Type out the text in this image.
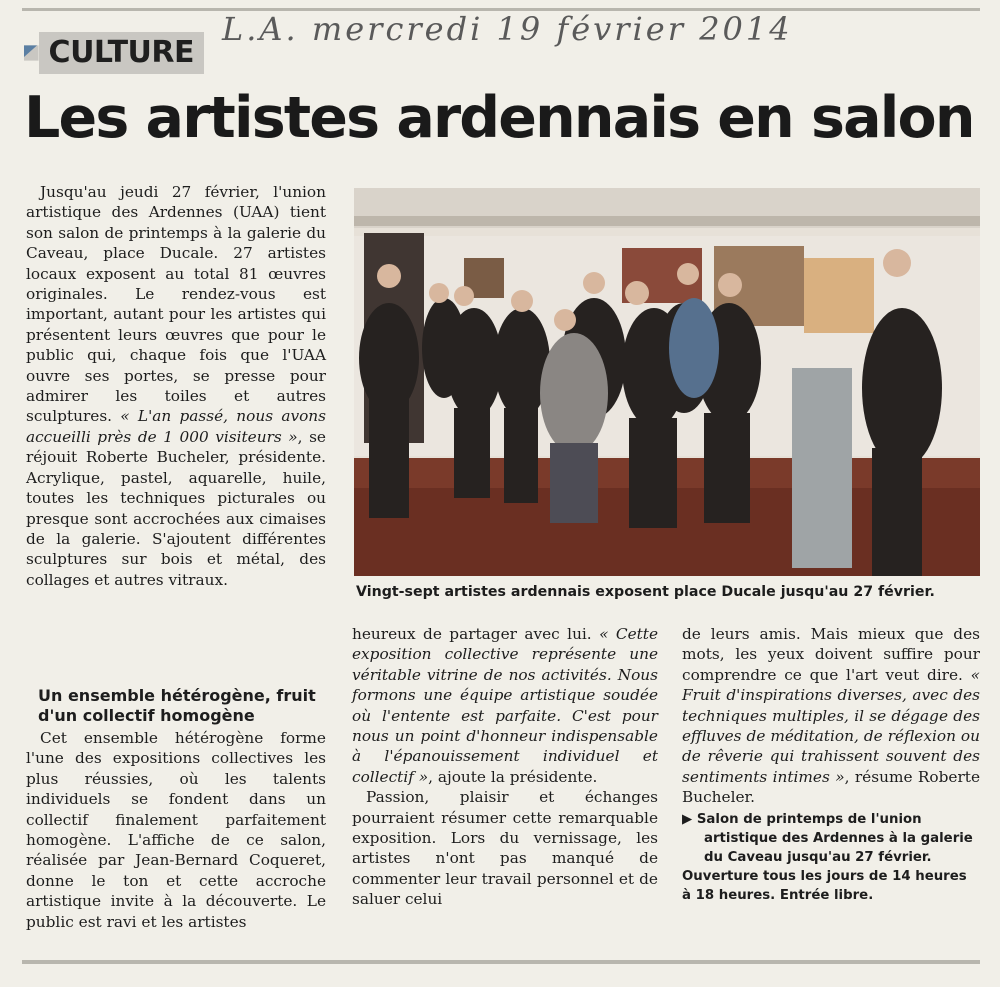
CULTURE
L.A. mercredi 19 février 2014
Les artistes ardennais en salon

Jusqu'au jeudi 27 février, l'union artistique des Ardennes (UAA) tient son salon de printemps à la galerie du Caveau, place Ducale. 27 artistes locaux exposent au total 81 œuvres originales. Le rendez-vous est important, autant pour les artistes qui présentent leurs œuvres que pour le public qui, chaque fois que l'UAA ouvre ses portes, se presse pour admirer les toiles et autres sculptures. « L'an passé, nous avons accueilli près de 1 000 visiteurs », se réjouit Roberte Bucheler, présidente. Acrylique, pastel, aquarelle, huile, toutes les techniques picturales ou presque sont accrochées aux cimaises de la galerie. S'ajoutent différentes sculptures sur bois et métal, des collages et autres vitraux.

Un ensemble hétérogène, fruit d'un collectif homogène

Cet ensemble hétérogène forme l'une des expositions collectives les plus réussies, où les talents individuels se fondent dans un collectif finalement parfaitement homogène. L'affiche de ce salon, réalisée par Jean-Bernard Coqueret, donne le ton et cette accroche artistique invite à la découverte. Le public est ravi et les artistes

Vingt-sept artistes ardennais exposent place Ducale jusqu'au 27 février.

heureux de partager avec lui. « Cette exposition collective représente une véritable vitrine de nos activités. Nous formons une équipe artistique soudée où l'entente est parfaite. C'est pour nous un point d'honneur indispensable à l'épanouissement individuel et collectif », ajoute la présidente.

Passion, plaisir et échanges pourraient résumer cette remarquable exposition. Lors du vernissage, les artistes n'ont pas manqué de commenter leur travail personnel et de saluer celui

de leurs amis. Mais mieux que des mots, les yeux doivent suffire pour comprendre ce que l'art veut dire. « Fruit d'inspirations diverses, avec des techniques multiples, il se dégage des effluves de méditation, de réflexion ou de rêverie qui trahissent souvent des sentiments intimes », résume Roberte Bucheler.

▶ Salon de printemps de l'union
artistique des Ardennes à la galerie
du Caveau jusqu'au 27 février.
Ouverture tous les jours de 14 heures
à 18 heures. Entrée libre.
